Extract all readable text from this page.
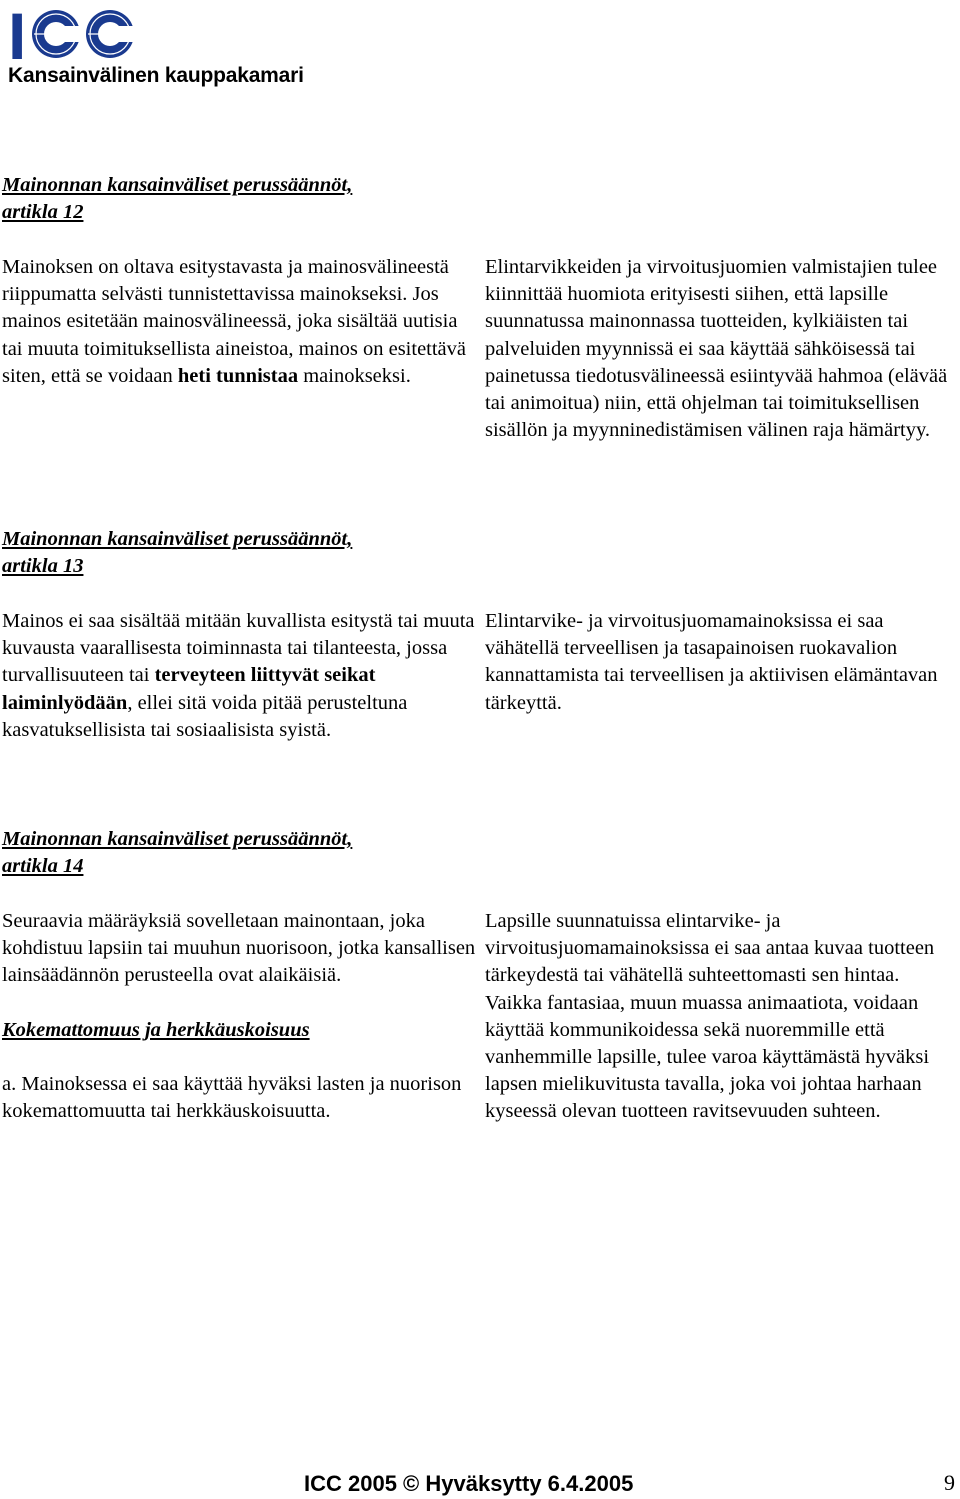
I
Kansainvälinen kauppakamari
Mainonnan kansainväliset perussäännöt,
artikla 12

Mainoksen on oltava esitystavasta ja mainosvälineestä riippumatta selvästi tunnistettavissa mainokseksi. Jos mainos esitetään mainosvälineessä, joka sisältää uutisia tai muuta toimituksellista aineistoa, mainos on esitettävä siten, että se voidaan heti tunnistaa mainokseksi.

Elintarvikkeiden ja virvoitusjuomien valmistajien tulee kiinnittää huomiota erityisesti siihen, että lapsille suunnatussa mainonnassa tuotteiden, kylkiäisten tai palveluiden myynnissä ei saa käyttää sähköisessä tai painetussa tiedotusvälineessä esiintyvää hahmoa (elävää tai animoitua) niin, että ohjelman tai toimituksellisen sisällön ja myynninedistämisen välinen raja hämärtyy.

Mainonnan kansainväliset perussäännöt,
artikla 13

Mainos ei saa sisältää mitään kuvallista esitystä tai muuta kuvausta vaarallisesta toiminnasta tai tilanteesta, jossa turvallisuuteen tai terveyteen liittyvät seikat laiminlyödään, ellei sitä voida pitää perusteltuna kasvatuksellisista tai sosiaalisista syistä.

Elintarvike- ja virvoitusjuomamainoksissa ei saa vähätellä terveellisen ja tasapainoisen ruokavalion kannattamista tai terveellisen ja aktiivisen elämäntavan tärkeyttä.

Mainonnan kansainväliset perussäännöt,
artikla 14

Seuraavia määräyksiä sovelletaan mainontaan, joka kohdistuu lapsiin tai muuhun nuorisoon, jotka kansallisen lainsäädännön perusteella ovat alaikäisiä.

Kokemattomuus ja herkkäuskoisuus

a. Mainoksessa ei saa käyttää hyväksi lasten ja nuorison kokemattomuutta tai herkkäuskoisuutta.

Lapsille suunnatuissa elintarvike- ja virvoitusjuomamainoksissa ei saa antaa kuvaa tuotteen tärkeydestä tai vähätellä suhteettomasti sen hintaa.

Vaikka fantasiaa, muun muassa animaatiota, voidaan käyttää kommunikoidessa sekä nuoremmille että vanhemmille lapsille, tulee varoa käyttämästä hyväksi lapsen mielikuvitusta tavalla, joka voi johtaa harhaan kyseessä olevan tuotteen ravitsevuuden suhteen.

ICC 2005 © Hyväksytty 6.4.2005	9
